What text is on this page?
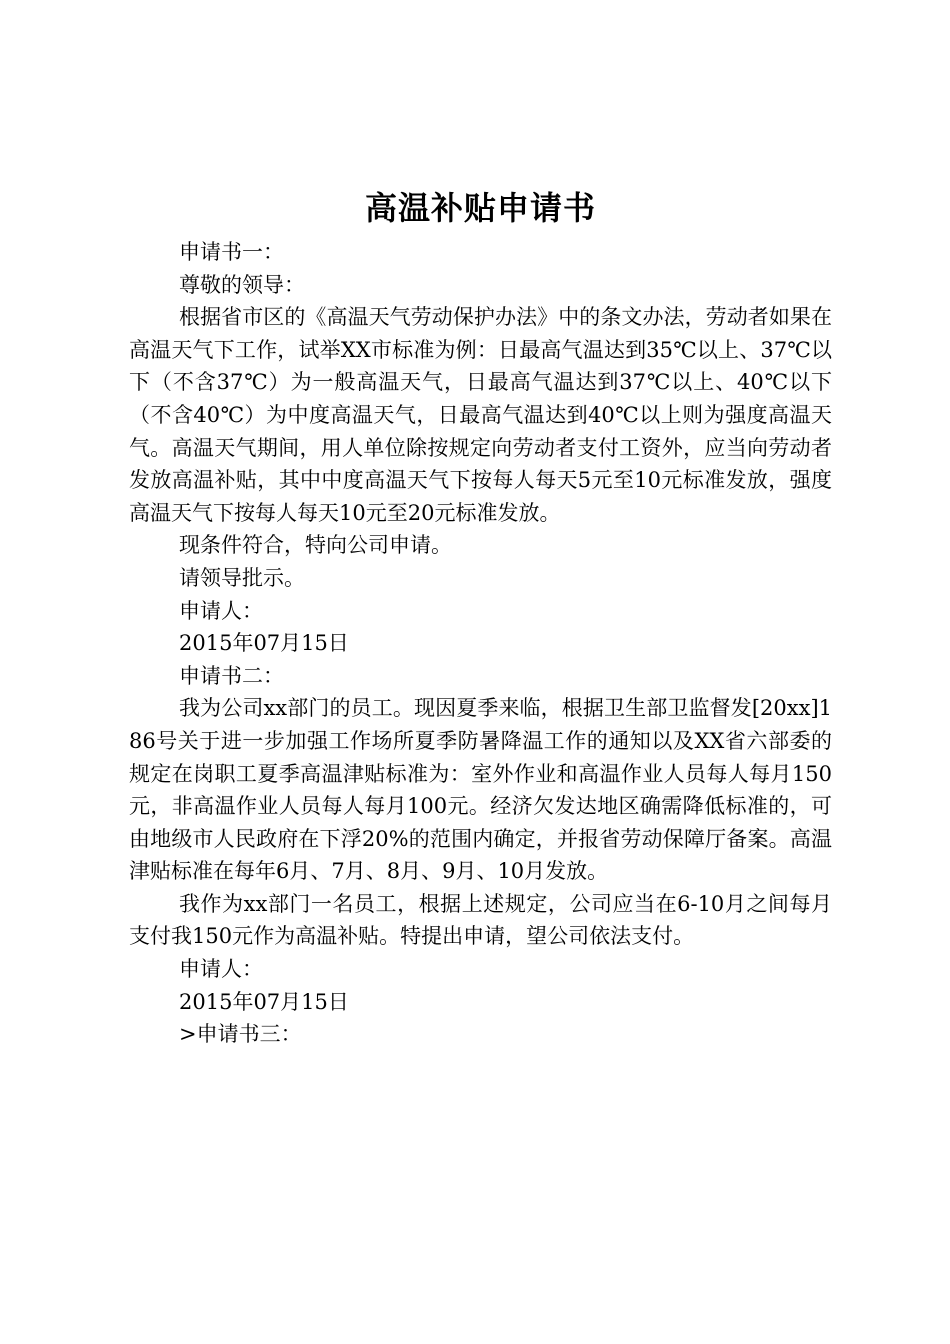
高温补贴申请书

申请书一：

尊敬的领导：

根据省市区的《高温天气劳动保护办法》中的条文办法，劳动者如果在高温天气下工作，试举XX市标准为例：日最高气温达到35℃以上、37℃以下（不含37℃）为一般高温天气，日最高气温达到37℃以上、40℃以下（不含40℃）为中度高温天气，日最高气温达到40℃以上则为强度高温天气。高温天气期间，用人单位除按规定向劳动者支付工资外，应当向劳动者发放高温补贴，其中中度高温天气下按每人每天5元至10元标准发放，强度高温天气下按每人每天10元至20元标准发放。

现条件符合，特向公司申请。

请领导批示。

申请人：

2015年07月15日

申请书二：

我为公司xx部门的员工。现因夏季来临，根据卫生部卫监督发[20xx]186号关于进一步加强工作场所夏季防暑降温工作的通知以及XX省六部委的规定在岗职工夏季高温津贴标准为：室外作业和高温作业人员每人每月150元，非高温作业人员每人每月100元。经济欠发达地区确需降低标准的，可由地级市人民政府在下浮20%的范围内确定，并报省劳动保障厅备案。高温津贴标准在每年6月、7月、8月、9月、10月发放。

我作为xx部门一名员工，根据上述规定，公司应当在6-10月之间每月支付我150元作为高温补贴。特提出申请，望公司依法支付。

申请人：

2015年07月15日

>申请书三：
